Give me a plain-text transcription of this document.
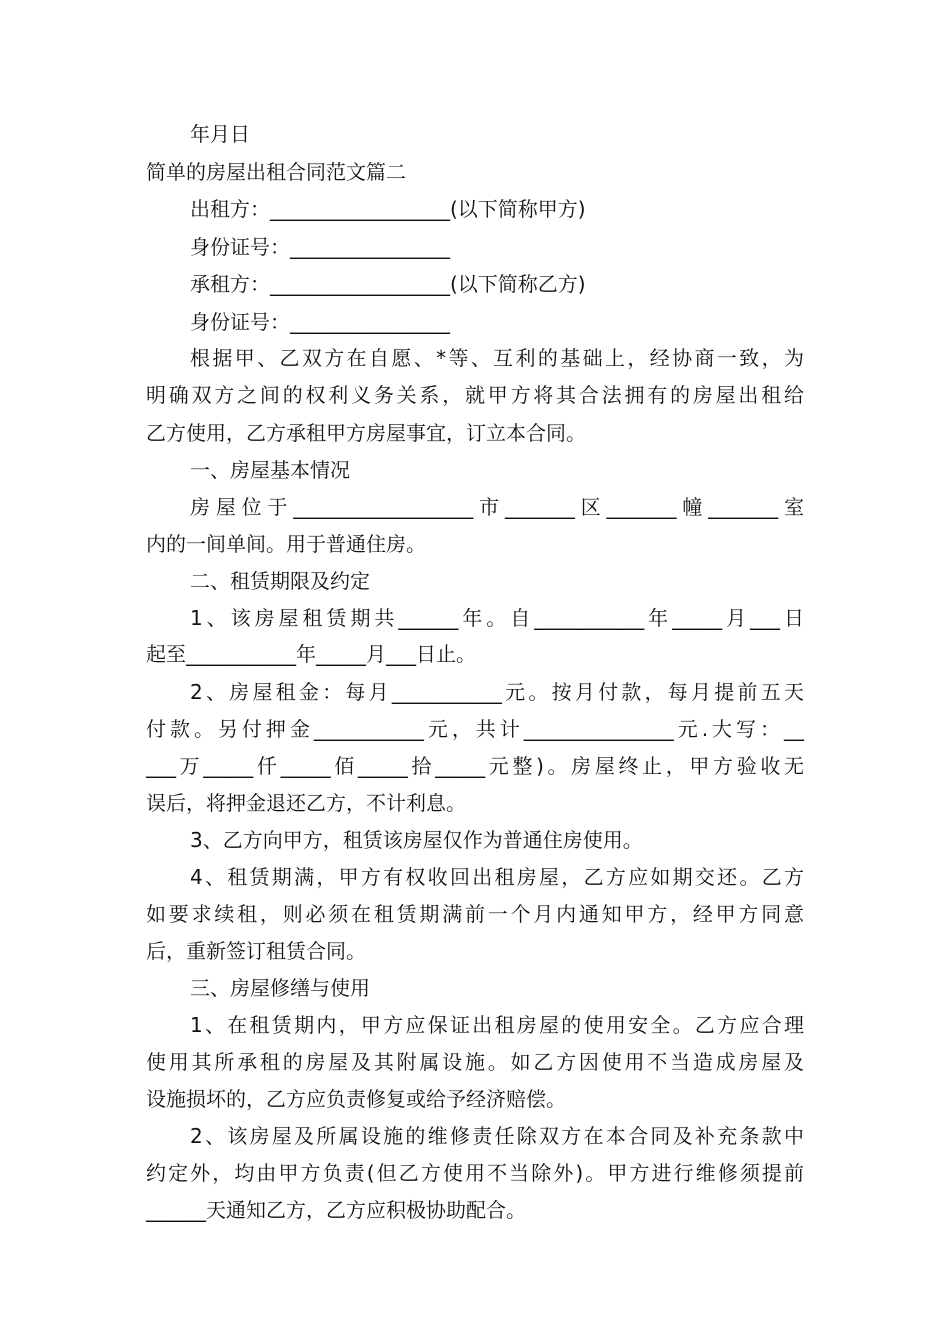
年月日
简单的房屋出租合同范文篇二
出租方：__________________(以下简称甲方)
身份证号：________________
承租方：__________________(以下简称乙方)
身份证号：________________
根据甲、乙双方在自愿、*等、互利的基础上，经协商一致，为
明确双方之间的权利义务关系，就甲方将其合法拥有的房屋出租给
乙方使用，乙方承租甲方房屋事宜，订立本合同。
一、房屋基本情况
房屋位于__________________市_______区_______幢_______室
内的一间单间。用于普通住房。
二、租赁期限及约定
1、该房屋租赁期共______年。自___________年_____月___日
起至___________年_____月___日止。
2、房屋租金：每月___________元。按月付款，每月提前五天
付款。另付押金___________元，共计_______________元.大写：__
___万_____仟_____佰_____拾_____元整)。房屋终止，甲方验收无
误后，将押金退还乙方，不计利息。
3、乙方向甲方，租赁该房屋仅作为普通住房使用。
4、租赁期满，甲方有权收回出租房屋，乙方应如期交还。乙方
如要求续租，则必须在租赁期满前一个月内通知甲方，经甲方同意
后，重新签订租赁合同。
三、房屋修缮与使用
1、在租赁期内，甲方应保证出租房屋的使用安全。乙方应合理
使用其所承租的房屋及其附属设施。如乙方因使用不当造成房屋及
设施损坏的，乙方应负责修复或给予经济赔偿。
2、该房屋及所属设施的维修责任除双方在本合同及补充条款中
约定外，均由甲方负责(但乙方使用不当除外)。甲方进行维修须提前
______天通知乙方，乙方应积极协助配合。
